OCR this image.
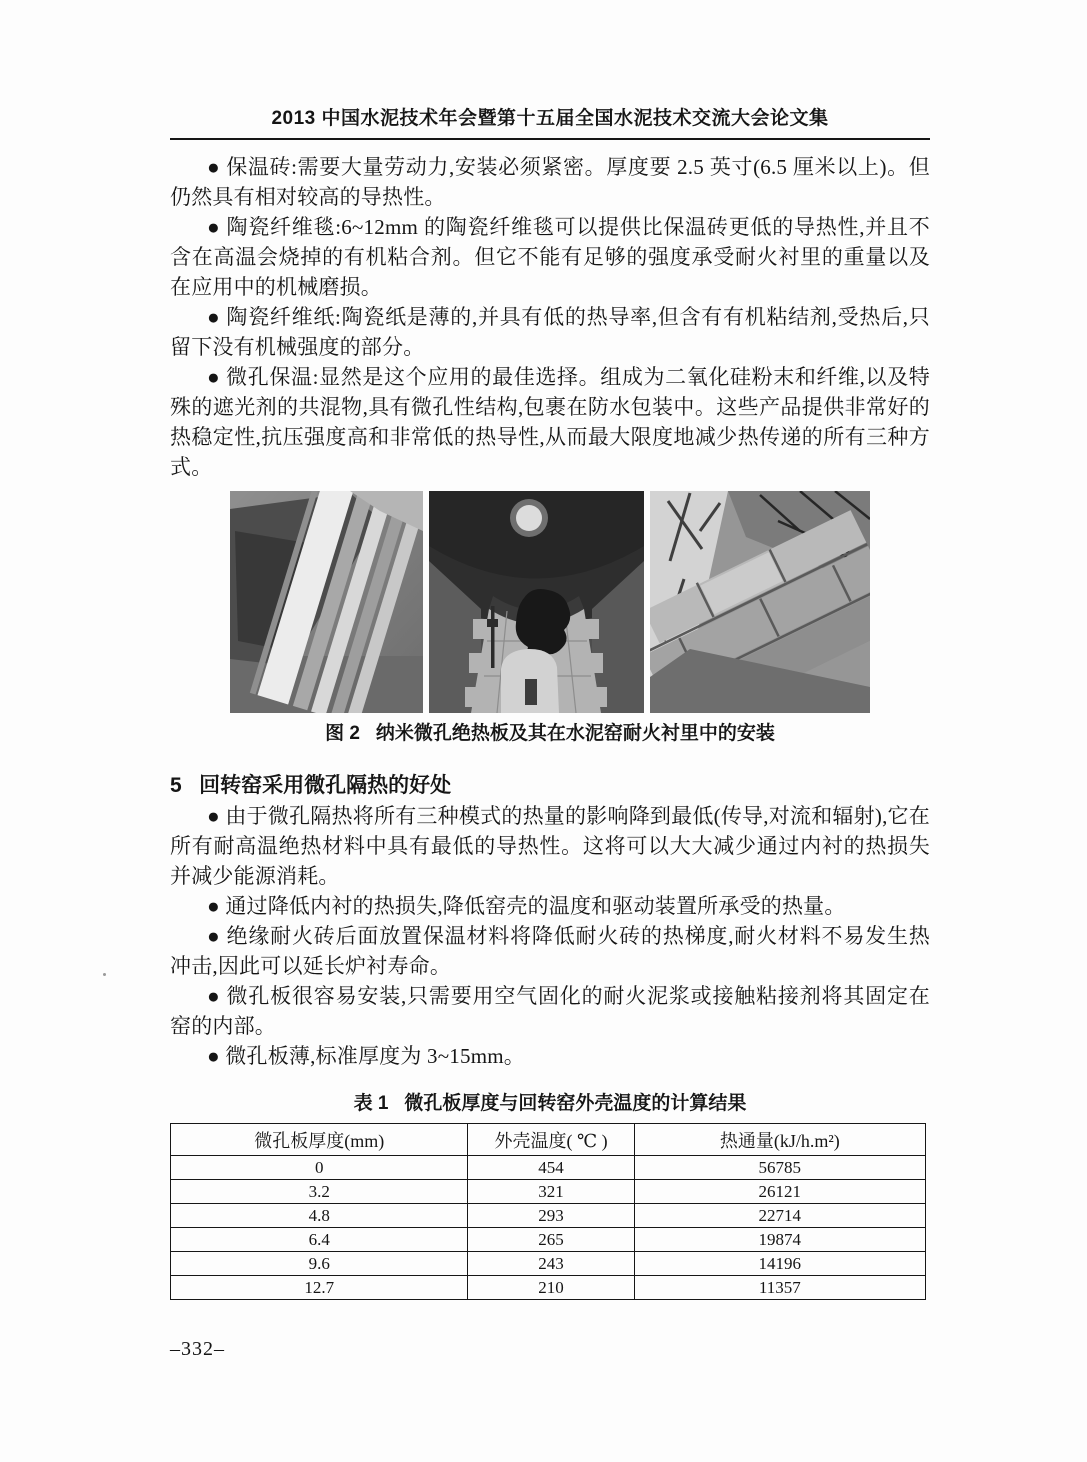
2013 中国水泥技术年会暨第十五届全国水泥技术交流大会论文集

● 保温砖:需要大量劳动力,安装必须紧密。厚度要 2.5 英寸(6.5 厘米以上)。但仍然具有相对较高的导热性。

● 陶瓷纤维毯:6~12mm 的陶瓷纤维毯可以提供比保温砖更低的导热性,并且不含在高温会烧掉的有机粘合剂。但它不能有足够的强度承受耐火衬里的重量以及在应用中的机械磨损。

● 陶瓷纤维纸:陶瓷纸是薄的,并具有低的热导率,但含有有机粘结剂,受热后,只留下没有机械强度的部分。

● 微孔保温:显然是这个应用的最佳选择。组成为二氧化硅粉末和纤维,以及特殊的遮光剂的共混物,具有微孔性结构,包裹在防水包装中。这些产品提供非常好的热稳定性,抗压强度高和非常低的热导性,从而最大限度地减少热传递的所有三种方式。

图 2   纳米微孔绝热板及其在水泥窑耐火衬里中的安装
5   回转窑采用微孔隔热的好处

● 由于微孔隔热将所有三种模式的热量的影响降到最低(传导,对流和辐射),它在所有耐高温绝热材料中具有最低的导热性。这将可以大大减少通过内衬的热损失并减少能源消耗。

● 通过降低内衬的热损失,降低窑壳的温度和驱动装置所承受的热量。

● 绝缘耐火砖后面放置保温材料将降低耐火砖的热梯度,耐火材料不易发生热冲击,因此可以延长炉衬寿命。

● 微孔板很容易安装,只需要用空气固化的耐火泥浆或接触粘接剂将其固定在窑的内部。

● 微孔板薄,标准厚度为 3~15mm。

表 1   微孔板厚度与回转窑外壳温度的计算结果
微孔板厚度(mm)	外壳温度( ℃ )	热通量(kJ/h.m²)
0	454	56785
3.2	321	26121
4.8	293	22714
6.4	265	19874
9.6	243	14196
12.7	210	11357
–332–
